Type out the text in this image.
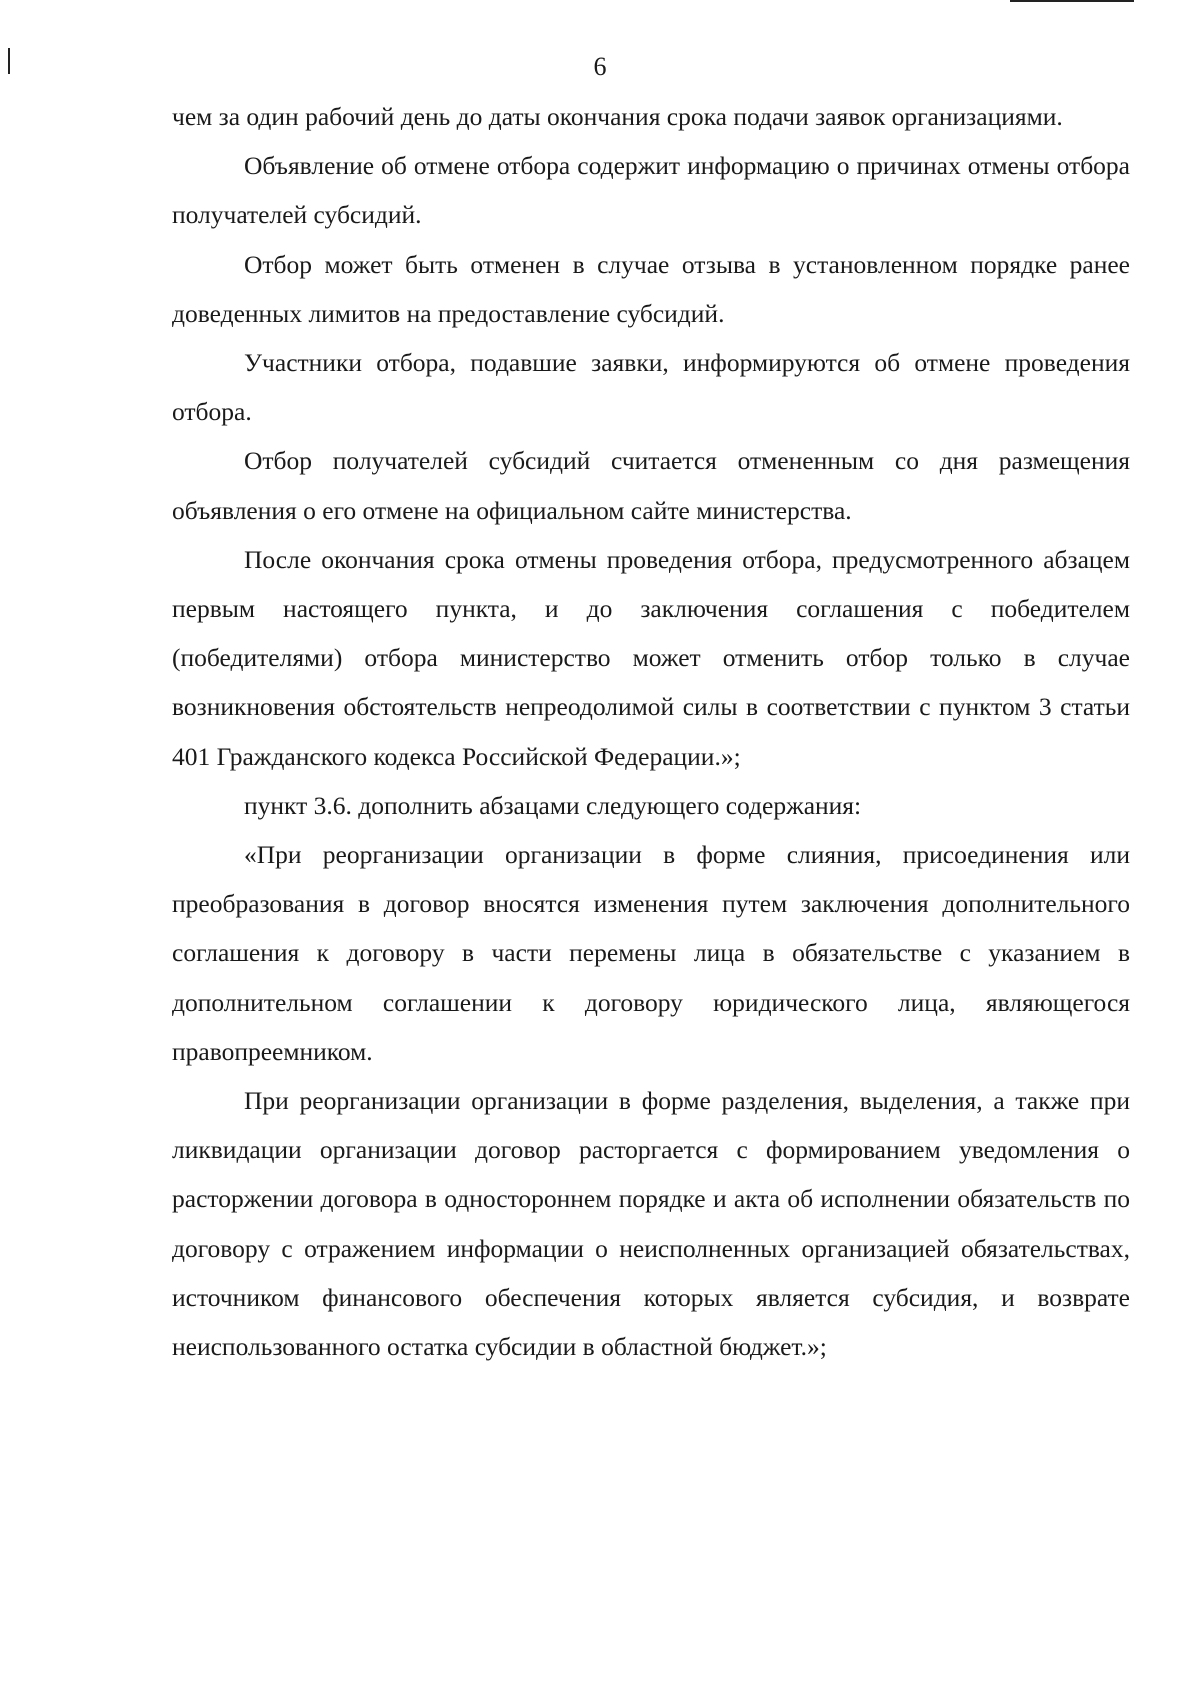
6

чем за один рабочий день до даты окончания срока подачи заявок организациями.

Объявление об отмене отбора содержит информацию о причинах отмены отбора получателей субсидий.

Отбор может быть отменен в случае отзыва в установленном порядке ранее доведенных лимитов на предоставление субсидий.

Участники отбора, подавшие заявки, информируются об отмене проведения отбора.

Отбор получателей субсидий считается отмененным со дня размещения объявления о его отмене на официальном сайте министерства.

После окончания срока отмены проведения отбора, предусмотренного абзацем первым настоящего пункта, и до заключения соглашения с победителем (победителями) отбора министерство может отменить отбор только в случае возникновения обстоятельств непреодолимой силы в соответствии с пунктом 3 статьи 401 Гражданского кодекса Российской Федерации.»;

пункт 3.6. дополнить абзацами следующего содержания:

«При реорганизации организации в форме слияния, присоединения или преобразования в договор вносятся изменения путем заключения дополнительного соглашения к договору в части перемены лица в обязательстве с указанием в дополнительном соглашении к договору юридического лица, являющегося правопреемником.

При реорганизации организации в форме разделения, выделения, а также при ликвидации организации договор расторгается с формированием уведомления о расторжении договора в одностороннем порядке и акта об исполнении обязательств по договору с отражением информации о неисполненных организацией обязательствах, источником финансового обеспечения которых является субсидия, и возврате неиспользованного остатка субсидии в областной бюджет.»;
